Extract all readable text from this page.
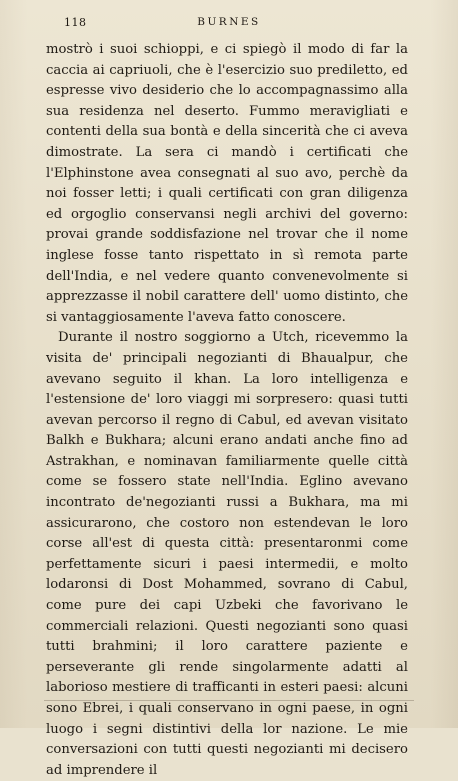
118	BURNES

mostrò i suoi schioppi, e ci spiegò il modo di far la caccia ai capriuoli, che è l'esercizio suo prediletto, ed espresse vivo desiderio che lo accompagnassimo alla sua residenza nel deserto. Fummo meravigliati e contenti della sua bontà e della sincerità che ci aveva dimostrate. La sera ci mandò i certificati che l'Elphinstone avea consegnati al suo avo, perchè da noi fosser letti; i quali certificati con gran diligenza ed orgoglio conservansi negli archivi del governo: provai grande soddisfazione nel trovar che il nome inglese fosse tanto rispettato in sì remota parte dell'India, e nel vedere quanto convenevolmente si apprezzasse il nobil carattere dell' uomo distinto, che si vantaggiosamente l'aveva fatto conoscere.

Durante il nostro soggiorno a Utch, ricevemmo la visita de' principali negozianti di Bhaualpur, che avevano seguito il khan. La loro intelligenza e l'estensione de' loro viaggi mi sorpresero: quasi tutti avevan percorso il regno di Cabul, ed avevan visitato Balkh e Bukhara; alcuni erano andati anche fino ad Astrakhan, e nominavan familiarmente quelle città come se fossero state nell'India. Eglino avevano incontrato de'negozianti russi a Bukhara, ma mi assicurarono, che costoro non estendevan le loro corse all'est di questa città: presentaronmi come perfettamente sicuri i paesi intermedii, e molto lodaronsi di Dost Mohammed, sovrano di Cabul, come pure dei capi Uzbeki che favorivano le commerciali relazioni. Questi negozianti sono quasi tutti brahmini; il loro carattere paziente e perseverante gli rende singolarmente adatti al laborioso mestiere di trafficanti in esteri paesi: alcuni sono Ebrei, i quali conservano in ogni paese, in ogni luogo i segni distintivi della lor nazione. Le mie conversazioni con tutti questi negozianti mi decisero ad imprendere il
